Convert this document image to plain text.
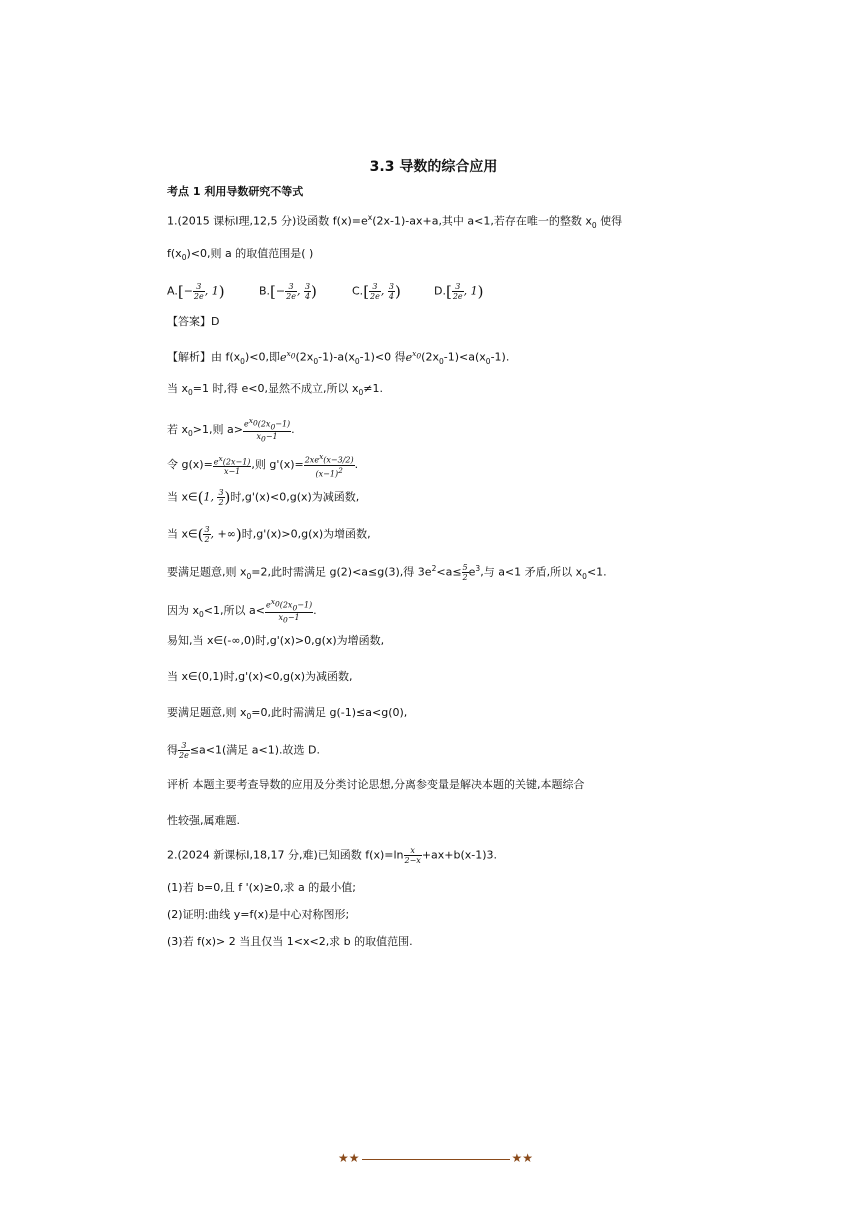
3.3 导数的综合应用
考点 1 利用导数研究不等式
1.(2015 课标Ⅰ理,12,5 分)设函数 $f(x)=e^x(2x-1)-ax+a$,其中 a<1,若存在唯一的整数 $x_0$ 使得
$f(x_0)<0$,则 a 的取值范围是( )
$A.[- \frac{3}{2e}$ , 1)	$B.[- \frac{3}{2e}$ , $\frac{3}{4}$ )	$C.[ \frac{3}{2e}$ , $\frac{3}{4}$ )	$D.[ \frac{3}{2e}$ , 1)
【答案】D
【解析】由 $f(x_0)<0$,即$e^{x_0}(2x_0-1)-a(x_0-1)<0$ 得$e^{x_0}(2x_0-1)<a(x_0-1)$.
当 $x_0=1$ 时,得 e<0,显然不成立,所以 $x_0\ne 1$.
若 $x_0>1$,则 $a> \frac{e^{x_0}(2x_0-1)}{x_0-1}$ .
令 $g(x)= \frac{e^x(2x-1)}{x-1}$ ,则 $g'(x)= \frac{2xe^x(x-3/2)}{(x-1)^2}$ .
当 x∈(1, $\frac{3}{2}$ )时,g'(x)<0,g(x)为减函数,
当 x∈( $\frac{3}{2}$ , +∞)时,g'(x)>0,g(x)为增函数,
要满足题意,则 $x_0=2$,此时需满足 g(2)<a≤g(3),得 $3e^2<a\le \frac{5}{2} e^3$,与 a<1 矛盾,所以 $x_0<1$.
因为 $x_0<1$,所以 $a< \frac{e^{x_0}(2x_0-1)}{x_0-1}$ .
易知,当 x∈(-∞,0)时,g'(x)>0,g(x)为增函数,
当 x∈(0,1)时,g'(x)<0,g(x)为减函数,
要满足题意,则 $x_0=0$,此时需满足 g(-1)≤a<g(0),
得 $\frac{3}{2e} \le a<1$(满足 a<1).故选 D.
评析 本题主要考查导数的应用及分类讨论思想,分离参变量是解决本题的关键,本题综合
性较强,属难题.
2.(2024 新课标Ⅰ,18,17 分,难)已知函数 $f(x)=\ln \frac{x}{2-x} +ax+b(x-1)3$.
(1)若 b=0,且 f '(x)≥0,求 a 的最小值;
(2)证明:曲线 y=f(x)是中心对称图形;
(3)若 f(x)> 2 当且仅当 1<x<2,求 b 的取值范围.
★★	★★
